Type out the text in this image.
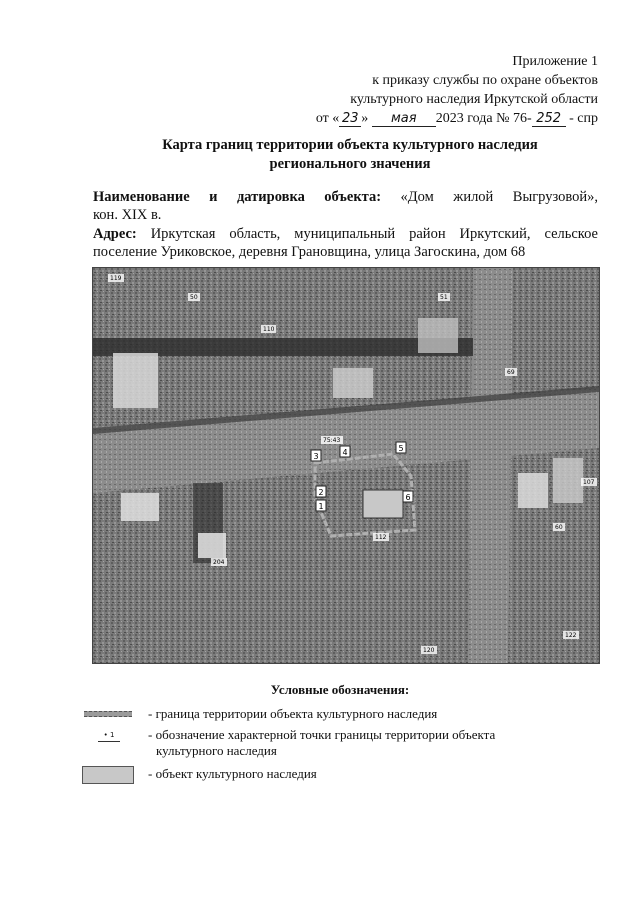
Приложение 1
к приказу службы по охране объектов
культурного наследия Иркутской области
от « 23 » мая 2023 года № 76- 252 - спр
Карта границ территории объекта культурного наследия
регионального значения
Наименование и датировка объекта: «Дом жилой Выгрузовой»,
кон. XIX в.
Адрес: Иркутская область, муниципальный район Иркутский, сельское
поселение Уриковское, деревня Грановщина, улица Загоскина, дом 68
2
1
3	4	5
6
119
50
110
51
75:43
112
204
60
69
120
107
122
Условные обозначения:
- граница территории объекта культурного наследия
• 1	- обозначение характерной точки границы территории объекта
культурного наследия
- объект культурного наследия
